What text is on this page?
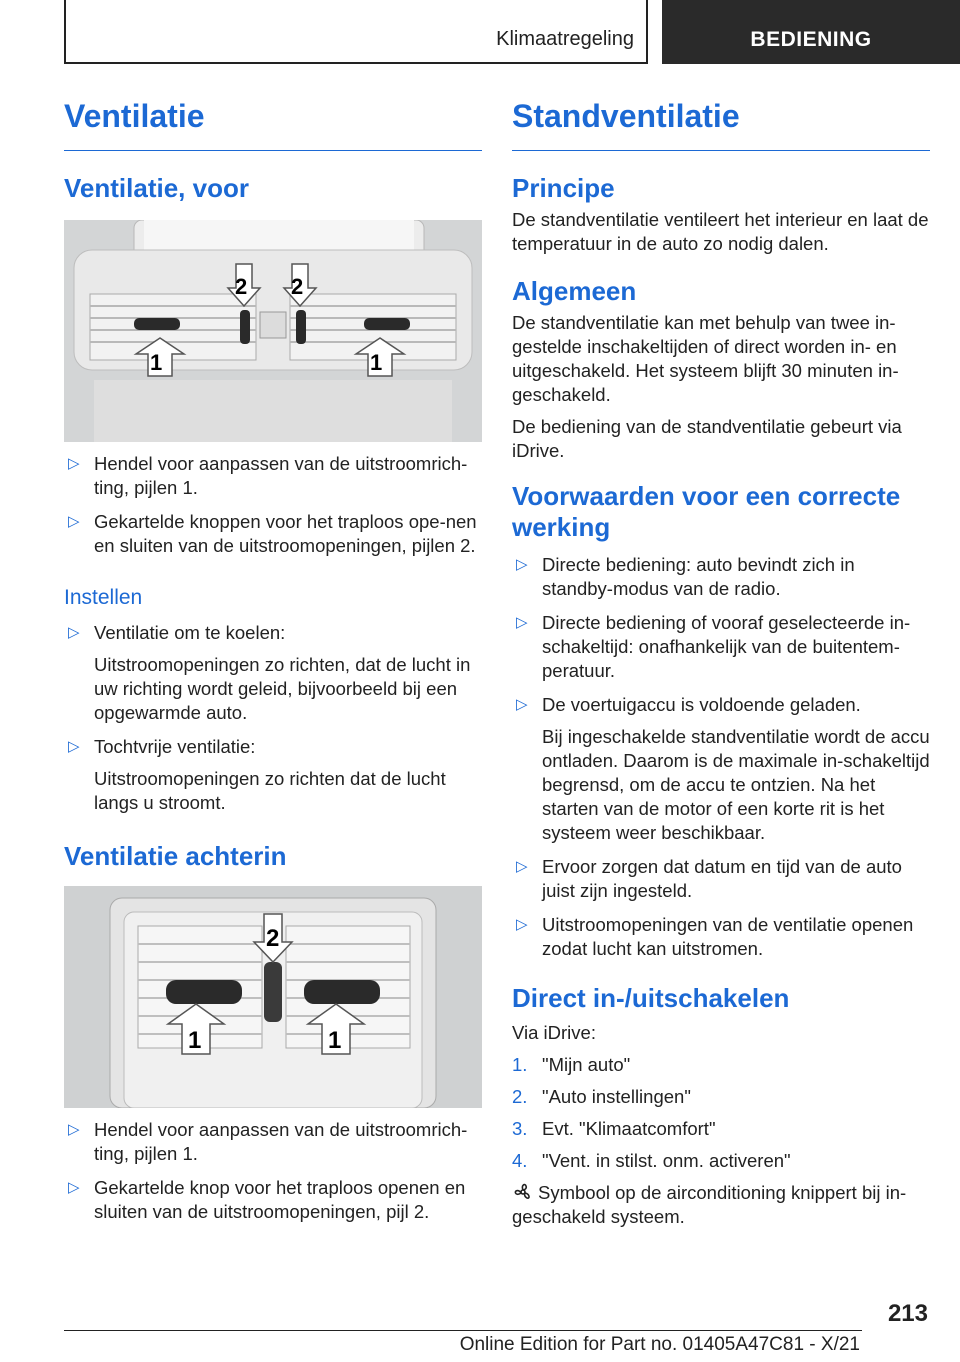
Klimaatregeling	BEDIENING
Ventilatie
Ventilatie, voor
1	1
2 2
▷ Hendel voor aanpassen van de uitstroomrich-ting, pijlen 1.
▷ Gekartelde knoppen voor het traploos ope-nen en sluiten van de uitstroomopeningen, pijlen 2.
Instellen
▷ Ventilatie om te koelen:
Uitstroomopeningen zo richten, dat de lucht in uw richting wordt geleid, bijvoorbeeld bij een opgewarmde auto.
▷ Tochtvrije ventilatie:
Uitstroomopeningen zo richten dat de lucht langs u stroomt.
Ventilatie achterin
1	1
2
▷ Hendel voor aanpassen van de uitstroomrich-ting, pijlen 1.
▷ Gekartelde knop voor het traploos openen en sluiten van de uitstroomopeningen, pijl 2.
Standventilatie
Principe

De standventilatie ventileert het interieur en laat de temperatuur in de auto zo nodig dalen.

Algemeen

De standventilatie kan met behulp van twee in-gestelde inschakeltijden of direct worden in- en uitgeschakeld. Het systeem blijft 30 minuten in-geschakeld.

De bediening van de standventilatie gebeurt via iDrive.

Voorwaarden voor een correcte werking
▷ Directe bediening: auto bevindt zich in standby-modus van de radio.
▷ Directe bediening of vooraf geselecteerde in-schakeltijd: onafhankelijk van de buitentem-peratuur.
▷ De voertuigaccu is voldoende geladen.
Bij ingeschakelde standventilatie wordt de accu ontladen. Daarom is de maximale in-schakeltijd begrensd, om de accu te ontzien. Na het starten van de motor of een korte rit is het systeem weer beschikbaar.
▷ Ervoor zorgen dat datum en tijd van de auto juist zijn ingesteld.
▷ Uitstroomopeningen van de ventilatie openen zodat lucht kan uitstromen.
Direct in-/uitschakelen

Via iDrive:

1. "Mijn auto"
2. "Auto instellingen"
3. Evt. "Klimaatcomfort"
4. "Vent. in stilst. onm. activeren"

Symbool op de airconditioning knippert bij in-geschakeld systeem.

213
Online Edition for Part no. 01405A47C81 - X/21
